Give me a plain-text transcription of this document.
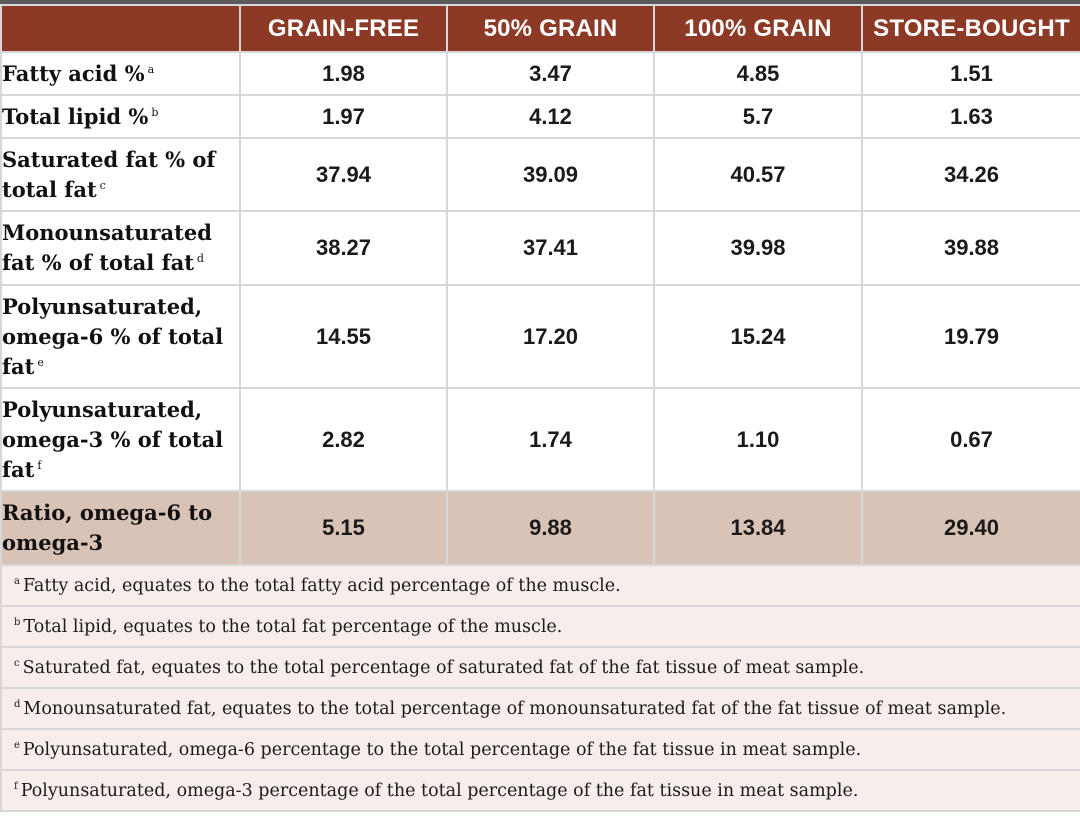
	GRAIN-FREE	50% GRAIN	100% GRAIN	STORE-BOUGHT
Fatty acid % $^a$	1.98	3.47	4.85	1.51
Total lipid % $^b$	1.97	4.12	5.7	1.63
Saturated fat % of total fat $^c$	37.94	39.09	40.57	34.26
Monounsaturated fat % of total fat $^d$	38.27	37.41	39.98	39.88
Polyunsaturated, omega-6 % of total fat $^e$	14.55	17.20	15.24	19.79
Polyunsaturated, omega-3 % of total fat $^f$	2.82	1.74	1.10	0.67
Ratio, omega-6 to omega-3	5.15	9.88	13.84	29.40
$^a$ Fatty acid, equates to the total fatty acid percentage of the muscle.				
$^b$ Total lipid, equates to the total fat percentage of the muscle.				
$^c$ Saturated fat, equates to the total percentage of saturated fat of the fat tissue of meat sample.				
$^d$ Monounsaturated fat, equates to the total percentage of monounsaturated fat of the fat tissue of meat sample.				
$^e$ Polyunsaturated, omega-6 percentage to the total percentage of the fat tissue in meat sample.				
$^f$ Polyunsaturated, omega-3 percentage of the total percentage of the fat tissue in meat sample.				
